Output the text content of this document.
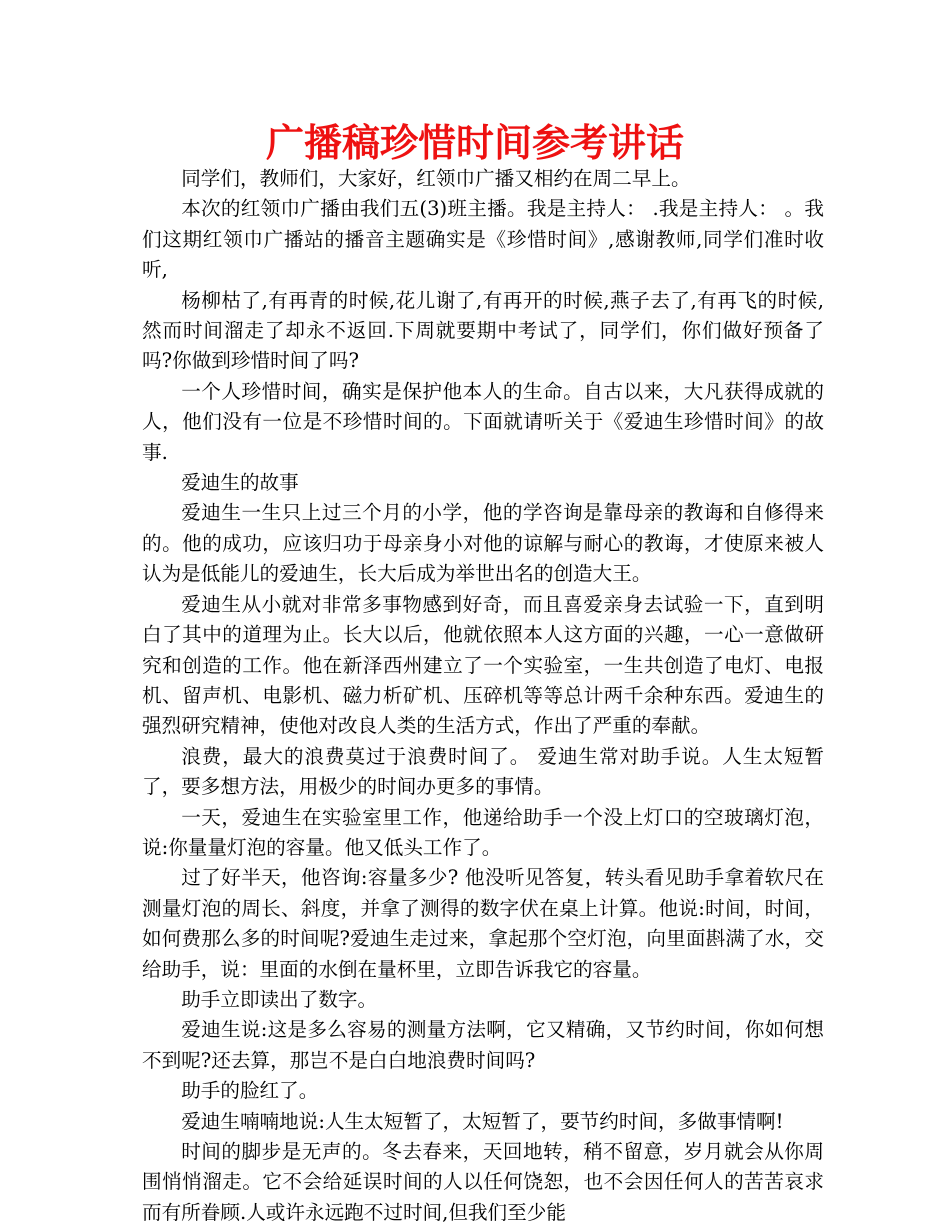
广播稿珍惜时间参考讲话

同学们，教师们，大家好，红领巾广播又相约在周二早上。

本次的红领巾广播由我们五(3)班主播。我是主持人： .我是主持人： 。我们这期红领巾广播站的播音主题确实是《珍惜时间》,感谢教师,同学们准时收听,

杨柳枯了,有再青的时候,花儿谢了,有再开的时候,燕子去了,有再飞的时候,然而时间溜走了却永不返回.下周就要期中考试了，同学们，你们做好预备了吗?你做到珍惜时间了吗?

一个人珍惜时间，确实是保护他本人的生命。自古以来，大凡获得成就的人，他们没有一位是不珍惜时间的。下面就请听关于《爱迪生珍惜时间》的故事.

爱迪生的故事

爱迪生一生只上过三个月的小学，他的学咨询是靠母亲的教诲和自修得来的。他的成功，应该归功于母亲身小对他的谅解与耐心的教诲，才使原来被人认为是低能儿的爱迪生，长大后成为举世出名的创造大王。

爱迪生从小就对非常多事物感到好奇，而且喜爱亲身去试验一下，直到明白了其中的道理为止。长大以后，他就依照本人这方面的兴趣，一心一意做研究和创造的工作。他在新泽西州建立了一个实验室，一生共创造了电灯、电报机、留声机、电影机、磁力析矿机、压碎机等等总计两千余种东西。爱迪生的强烈研究精神，使他对改良人类的生活方式，作出了严重的奉献。

浪费，最大的浪费莫过于浪费时间了。 爱迪生常对助手说。人生太短暂了，要多想方法，用极少的时间办更多的事情。

一天，爱迪生在实验室里工作，他递给助手一个没上灯口的空玻璃灯泡，说:你量量灯泡的容量。他又低头工作了。

过了好半天，他咨询:容量多少? 他没听见答复，转头看见助手拿着软尺在测量灯泡的周长、斜度，并拿了测得的数字伏在桌上计算。他说:时间，时间，如何费那么多的时间呢?爱迪生走过来，拿起那个空灯泡，向里面斟满了水，交给助手，说：里面的水倒在量杯里，立即告诉我它的容量。

助手立即读出了数字。

爱迪生说:这是多么容易的测量方法啊，它又精确，又节约时间，你如何想不到呢?还去算，那岂不是白白地浪费时间吗?

助手的脸红了。

爱迪生喃喃地说:人生太短暂了，太短暂了，要节约时间，多做事情啊!

时间的脚步是无声的。冬去春来，天回地转，稍不留意，岁月就会从你周围悄悄溜走。它不会给延误时间的人以任何饶恕，也不会因任何人的苦苦哀求而有所眷顾.人或许永远跑不过时间,但我们至少能
